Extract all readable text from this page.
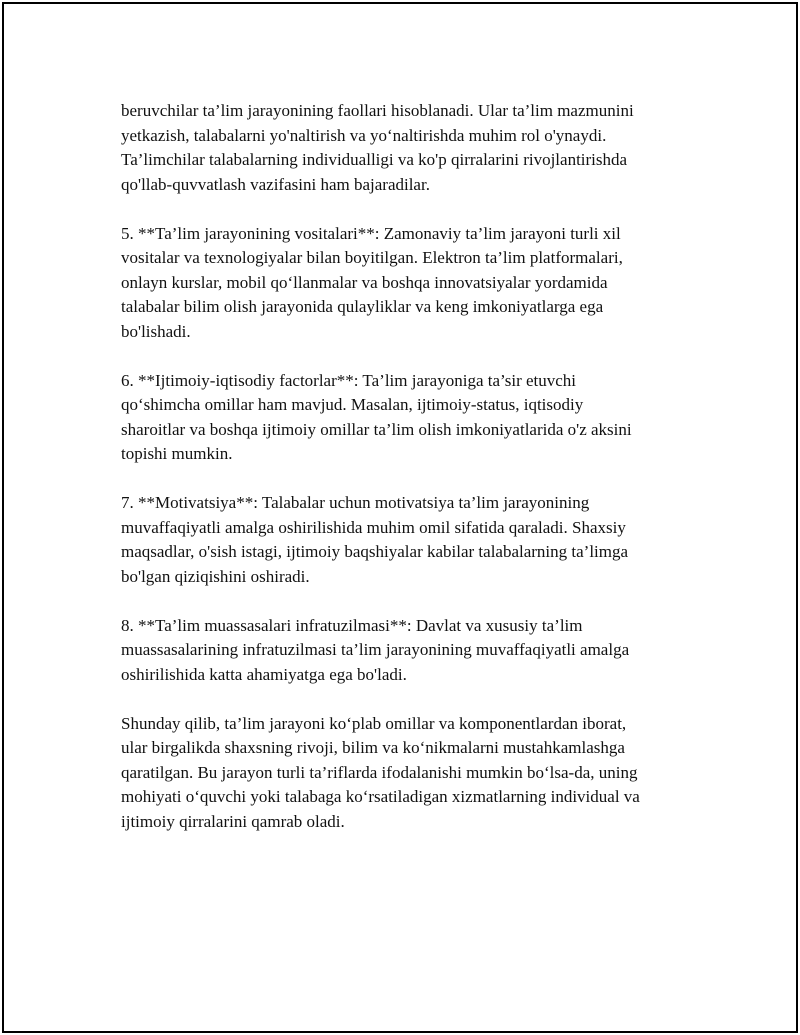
beruvchilar ta’lim jarayonining faollari hisoblanadi. Ular ta’lim mazmunini
yetkazish, talabalarni yo'naltirish va yo‘naltirishda muhim rol o'ynaydi.
Ta’limchilar talabalarning individualligi va ko'p qirralarini rivojlantirishda
qo'llab-quvvatlash vazifasini ham bajaradilar.

5. **Ta’lim jarayonining vositalari**: Zamonaviy ta’lim jarayoni turli xil
vositalar va texnologiyalar bilan boyitilgan. Elektron ta’lim platformalari,
onlayn kurslar, mobil qo‘llanmalar va boshqa innovatsiyalar yordamida
talabalar bilim olish jarayonida qulayliklar va keng imkoniyatlarga ega
bo'lishadi.

6. **Ijtimoiy-iqtisodiy factorlar**: Ta’lim jarayoniga ta’sir etuvchi
qo‘shimcha omillar ham mavjud. Masalan, ijtimoiy-status, iqtisodiy
sharoitlar va boshqa ijtimoiy omillar ta’lim olish imkoniyatlarida o'z aksini
topishi mumkin.

7. **Motivatsiya**: Talabalar uchun motivatsiya ta’lim jarayonining
muvaffaqiyatli amalga oshirilishida muhim omil sifatida qaraladi. Shaxsiy
maqsadlar, o'sish istagi, ijtimoiy baqshiyalar kabilar talabalarning ta’limga
bo'lgan qiziqishini oshiradi.

8. **Ta’lim muassasalari infratuzilmasi**: Davlat va xususiy ta’lim
muassasalarining infratuzilmasi ta’lim jarayonining muvaffaqiyatli amalga
oshirilishida katta ahamiyatga ega bo'ladi.

Shunday qilib, ta’lim jarayoni ko‘plab omillar va komponentlardan iborat,
ular birgalikda shaxsning rivoji, bilim va ko‘nikmalarni mustahkamlashga
qaratilgan. Bu jarayon turli ta’riflarda ifodalanishi mumkin bo‘lsa-da, uning
mohiyati o‘quvchi yoki talabaga ko‘rsatiladigan xizmatlarning individual va
ijtimoiy qirralarini qamrab oladi.
